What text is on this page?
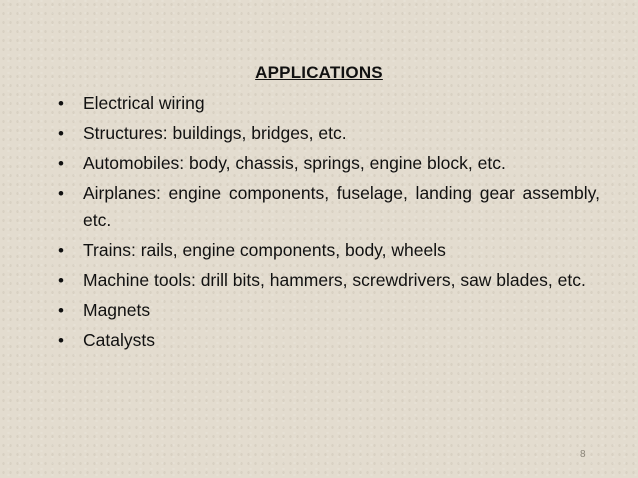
APPLICATIONS
• Electrical wiring
• Structures: buildings, bridges, etc.
• Automobiles: body, chassis, springs, engine block, etc.
• Airplanes: engine components, fuselage, landing gear assembly, etc.
• Trains: rails, engine components, body, wheels
• Machine tools: drill bits, hammers, screwdrivers, saw blades, etc.
• Magnets
• Catalysts
8
